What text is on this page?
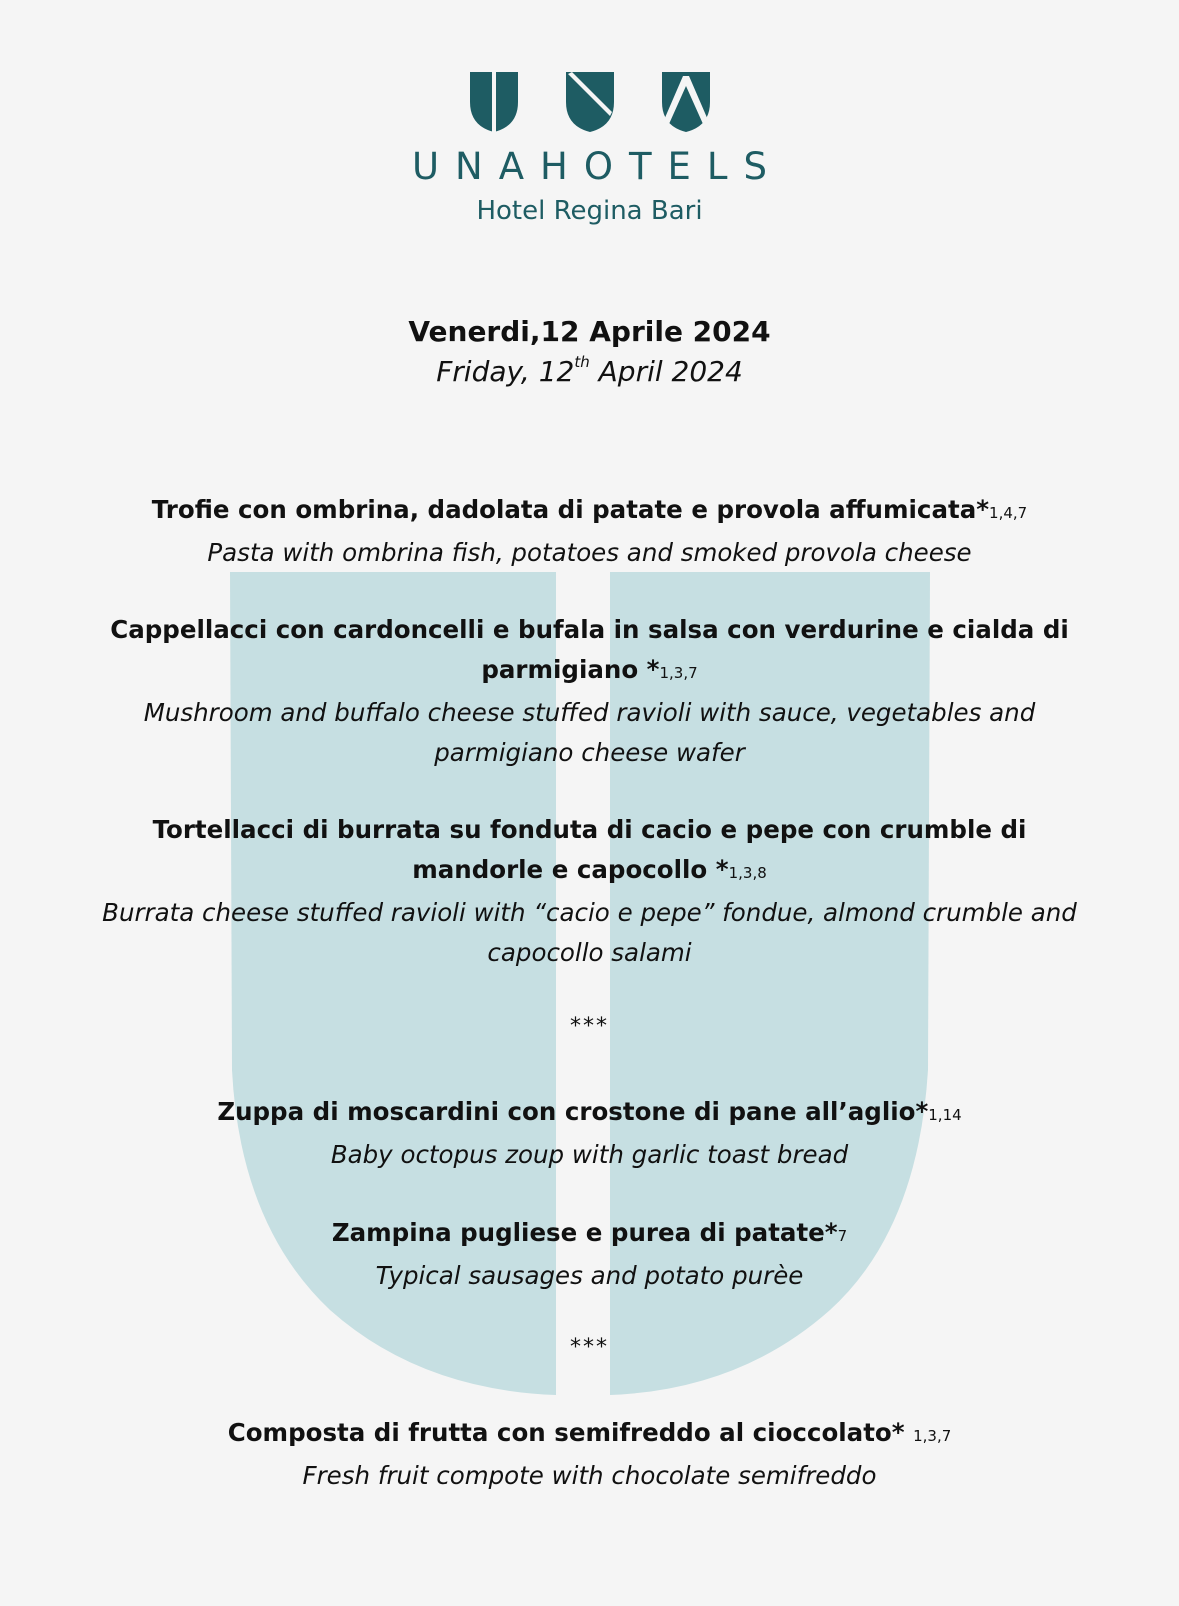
UNAHOTELS
Hotel Regina Bari
Venerdi,12 Aprile 2024
Friday, 12th April 2024
Trofie con ombrina, dadolata di patate e provola affumicata*1,4,7
Pasta with ombrina fish, potatoes and smoked provola cheese
Cappellacci con cardoncelli e bufala in salsa con verdurine e cialda di
parmigiano *1,3,7
Mushroom and buffalo cheese stuffed ravioli with sauce, vegetables and
parmigiano cheese wafer
Tortellacci di burrata su fonduta di cacio e pepe con crumble di
mandorle e capocollo *1,3,8
Burrata cheese stuffed ravioli with “cacio e pepe” fondue, almond crumble and
capocollo salami
***
Zuppa di moscardini con crostone di pane all’aglio*1,14
Baby octopus zoup with garlic toast bread
Zampina pugliese e purea di patate*7
Typical sausages and potato purèe
***
Composta di frutta con semifreddo al cioccolato* 1,3,7
Fresh fruit compote with chocolate semifreddo
